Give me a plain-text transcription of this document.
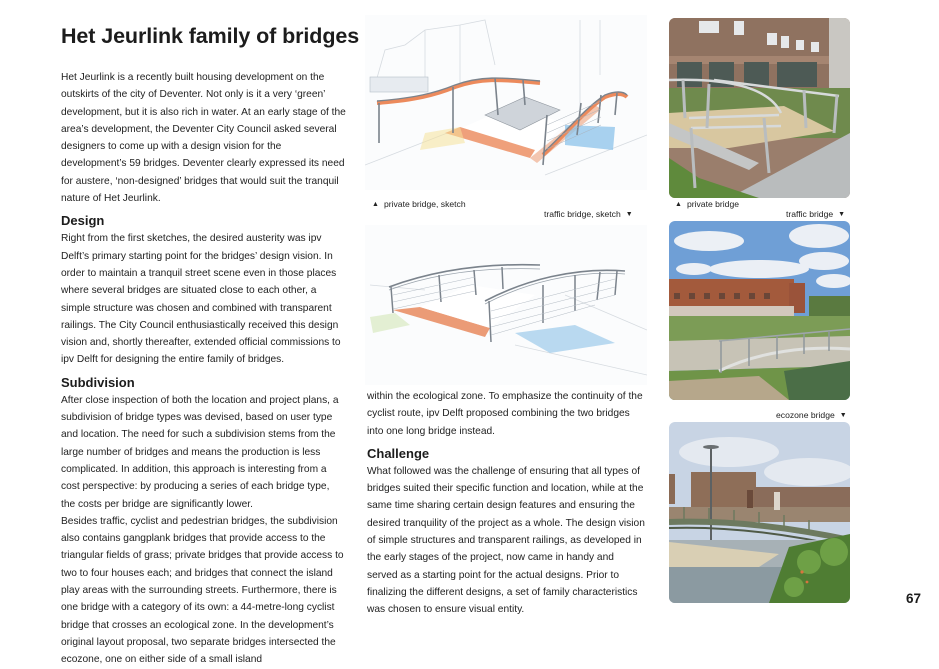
Het Jeurlink family of bridges

Het Jeurlink is a recently built housing development on the outskirts of the city of Deventer. Not only is it a very ‘green’ development, but it is also rich in water. At an early stage of the area’s development, the Deventer City Council asked several designers to come up with a design vision for the development’s 59 bridges. Deventer clearly expressed its need for austere, ‘non-designed’ bridges that would suit the tranquil nature of Het Jeurlink.

Design

Right from the first sketches, the desired austerity was ipv Delft’s primary starting point for the bridges’ design vision. In order to maintain a tranquil street scene even in those places where several bridges are situated close to each other, a simple structure was chosen and combined with transparent railings. The City Council enthusiastically received this design vision and, shortly thereafter, extended official commissions to ipv Delft for designing the entire family of bridges.

Subdivision

After close inspection of both the location and project plans, a subdivision of bridge types was devised, based on user type and location. The need for such a subdivision stems from the large number of bridges and means the production is less complicated. In addition, this approach is interesting from a cost perspective: by producing a series of each bridge type, the costs per bridge are significantly lower.

Besides traffic, cyclist and pedestrian bridges, the subdivision also contains gangplank bridges that provide access to the triangular fields of grass; private bridges that provide access to two to four houses each; and bridges that connect the island play areas with the surrounding streets. Furthermore, there is one bridge with a category of its own: a 44-metre-long cyclist bridge that crosses an ecological zone. In the development’s original layout proposal, two separate bridges intersected the ecozone, one on either side of a small island

▲ private bridge, sketch
traffic bridge, sketch ▼

within the ecological zone. To emphasize the continuity of the cyclist route, ipv Delft proposed combining the two bridges into one long bridge instead.

Challenge

What followed was the challenge of ensuring that all types of bridges suited their specific function and location, while at the same time sharing certain design features and ensuring the desired tranquility of the project as a whole. The design vision of simple structures and transparent railings, as developed in the early stages of the project, now came in handy and served as a starting point for the actual designs. Prior to finalizing the different designs, a set of family characteristics was chosen to ensure visual entity.

▲ private bridge
traffic bridge ▼
ecozone bridge ▼
67
